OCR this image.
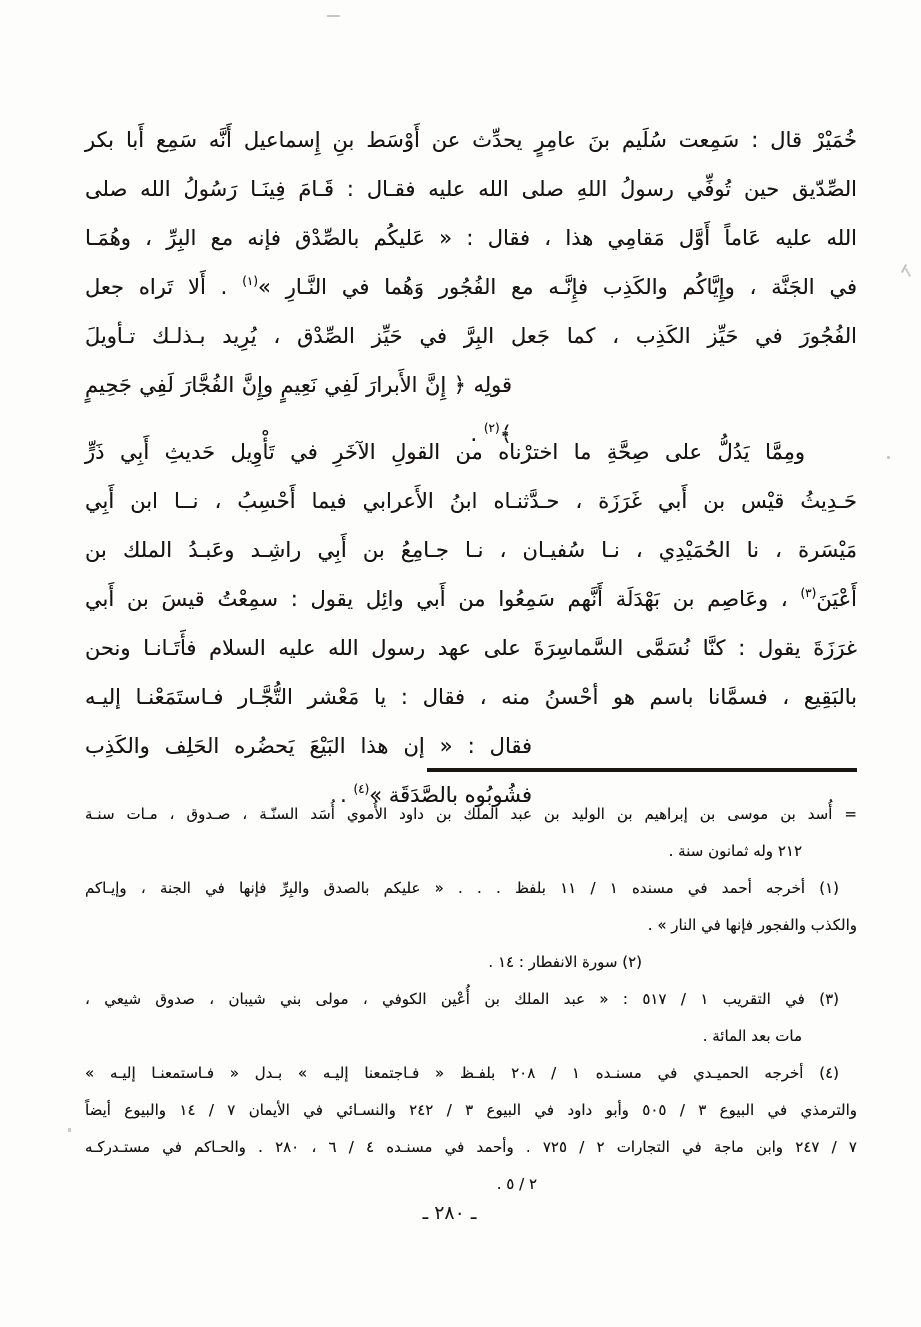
خُمَيْرْ قال : سَمِعت سُلَيم بنَ عامِرٍ يحدِّث عن أَوْسَط بنِ إِسماعيل أَنَّه سَمِع أَبا بكر
الصِّدّيق حين تُوفِّي رسولُ اللهِ صلى الله عليه فقـال : قَـامَ فِينَـا رَسُولُ الله صلى
الله عليه عَاماً أَوَّل مَقامِي هذا ، فقال : « عَليكُم بالصِّدْق فإنه مع البِرِّ ، وهُمَـا
في الجَنَّة ، وإِيَّاكُم والكَذِب فإِنَّـه مع الفُجُور وَهُما في النَّـارِ »$^{(١)}$ . أَلا تَراه جعل
الفُجُورَ في حَيِّز الكَذِب ، كما جَعل البِرَّ في حَيِّز الصِّدْق ، يُرِيد بـذلـك تـأويلَ
قولِه ﴿ إِنَّ الأَبرارَ لَفِي نَعِيمٍ وإِنَّ الفُجَّارَ لَفِي جَحِيمٍ ﴾$^{(٢)}$ .
ومِمَّا يَدُلُّ على صِحَّةِ ما اخترْناه من القولِ الآخَرِ في تَأْوِيل حَديثِ أَبِي ذَرٍّ
حَـدِيثُ قيْس بن أَبي غَرَزَة ، حـدَّثنـاه ابنُ الأَعرابي فيما أَحْسِبُ ، نــا ابن أَبِي
مَيْسَرة ، نا الحُمَيْدِي ، نـا سُفيـان ، نـا جـامِعُ بن أَبِي راشِـد وعَبـدُ الملك بن
أَعْيَنَ$^{(٣)}$ ، وعَاصِم بن بَهْدَلَة أَنَّهم سَمِعُوا من أَبي وائِل يقول : سمِعْتُ قيسَ بن أَبي
غرَزَةَ يقول : كنَّا نُسَمَّى السَّماسِرَةَ على عهد رسول الله عليه السلام فأَتَـانـا ونحن
بالبَقِيع ، فسمَّانا باسم هو أحْسنُ منه ، فقال : يا مَعْشر التُّجَّـار فـاستَمَعْنـا إليـه
فقال : « إن هذا البَيْعَ يَحضُره الحَلِف والكَذِب فشُوبُوه بالصَّدَقَة »$^{(٤)}$ .
= أُسد بن موسى بن إبراهيم بن الوليد بن عبد الملك بن داود الأُموي أُسَد السنّـة ، صـدوق ، مـات سنـة
٢١٢ وله ثمانون سنة .
(١) أخرجه أحمد في مسنده ١ / ١١ بلفظ . . . « عليكم بالصدق والبِرِّ فإنها في الجنة ، وإيـاكم
والكذب والفجور فإنها في النار » .
(٢) سورة الانفطار : ١٤ .
(٣) في التقريب ١ / ٥١٧ : « عبد الملك بن أُعْين الكوفي ، مولى بني شيبان ، صدوق شيعي ،
مات بعد المائة .
(٤) أخرجه الحميـدي في مسنـده ١ / ٢٠٨ بلفـظ « فـاجتمعنا إليـه » بـدل « فـاستمعنـا إليـه »
والترمذي في البيوع ٣ / ٥٠٥ وأبو داود في البيوع ٣ / ٢٤٢ والنسـائي في الأيمان ٧ / ١٤ والبيوع أيضاً
٧ / ٢٤٧ وابن ماجة في التجارات ٢ / ٧٢٥ . وأحمد في مسنـده ٤ / ٦ ، ٢٨٠ . والحـاكم في مستـدركـه
٢ / ٥ .
ـ ٢٨٠ ـ
